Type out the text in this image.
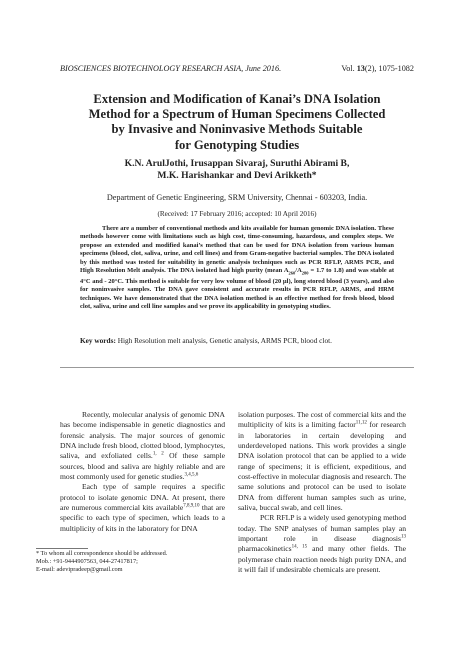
BIOSCIENCES BIOTECHNOLOGY RESEARCH ASIA, June 2016.	Vol. 13(2), 1075-1082
Extension and Modification of Kanai’s DNA Isolation
Method for a Spectrum of Human Specimens Collected
by Invasive and Noninvasive Methods Suitable
for Genotyping Studies
K.N. ArulJothi, Irusappan Sivaraj, Suruthi Abirami B,
M.K. Harishankar and Devi Arikketh*
Department of Genetic Engineering, SRM University, Chennai - 603203, India.
(Received: 17 February 2016; accepted: 10 April 2016)
There are a number of conventional methods and kits available for human genomic DNA isolation. These methods however come with limitations such as high cost, time-consuming, hazardous, and complex steps. We propose an extended and modified kanai’s method that can be used for DNA isolation from various human specimens (blood, clot, saliva, urine, and cell lines) and from Gram-negative bacterial samples. The DNA isolated by this method was tested for suitability in genetic analysis techniques such as PCR RFLP, ARMS PCR, and High Resolution Melt analysis. The DNA isolated had high purity (mean $A_{260}/A_{280} = 1.7$ to 1.8) and was stable at 4°C and - 20°C. This method is suitable for very low volume of blood (20 µl), long stored blood (3 years), and also for noninvasive samples. The DNA gave consistent and accurate results in PCR RFLP, ARMS, and HRM techniques. We have demonstrated that the DNA isolation method is an effective method for fresh blood, blood clot, saliva, urine and cell line samples and we prove its applicability in genotyping studies.
Key words: High Resolution melt analysis, Genetic analysis, ARMS PCR, blood clot.

Recently, molecular analysis of genomic DNA has become indispensable in genetic diagnostics and forensic analysis. The major sources of genomic DNA include fresh blood, clotted blood, lymphocytes, saliva, and exfoliated cells.$^{1, 2}$ Of these sample sources, blood and saliva are highly reliable and are most commonly used for genetic studies.$^{3,4,5,6}$

Each type of sample requires a specific protocol to isolate genomic DNA. At present, there are numerous commercial kits available$^{7,8,9,10}$ that are specific to each type of specimen, which leads to a multiplicity of kits in the laboratory for DNA

isolation purposes. The cost of commercial kits and the multiplicity of kits is a limiting factor$^{11,12}$ for research in laboratories in certain developing and underdeveloped nations. This work provides a single DNA isolation protocol that can be applied to a wide range of specimens; it is efficient, expeditious, and cost-effective in molecular diagnosis and research. The same solutions and protocol can be used to isolate DNA from different human samples such as urine, saliva, buccal swab, and cell lines.

PCR RFLP is a widely used genotyping method today. The SNP analyses of human samples play an important role in disease diagnosis$^{13}$ pharmacokinetics$^{14, 15}$ and many other fields. The polymerase chain reaction needs high purity DNA, and it will fail if undesirable chemicals are present.

* To whom all correspondence should be addressed.
Mob.: +91-9444907563, 044-27417817;
E-mail: adevipradeep@gmail.com
